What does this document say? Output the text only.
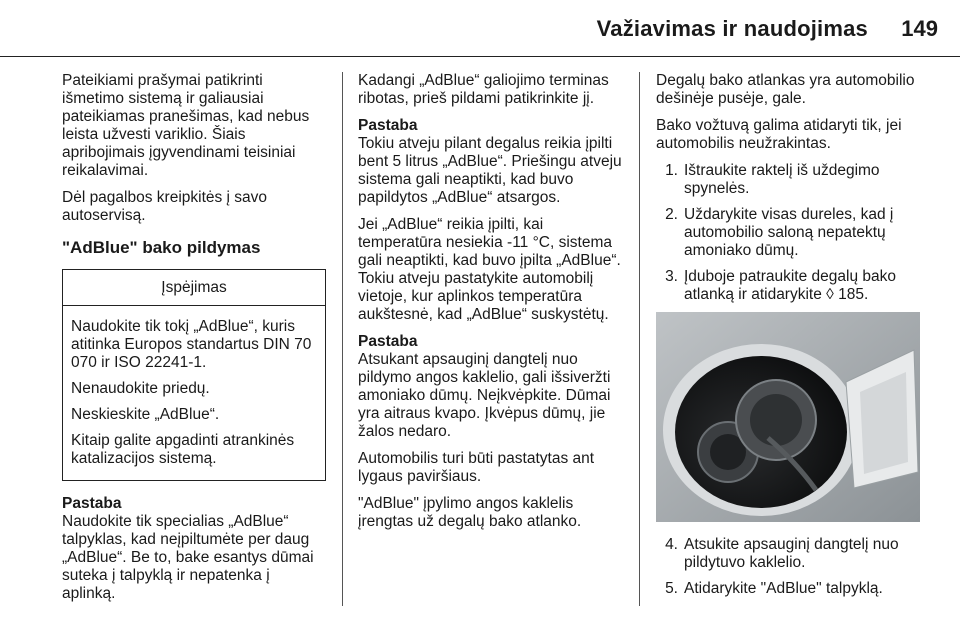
Važiavimas ir naudojimas 149

Pateikiami prašymai patikrinti išmetimo sistemą ir galiausiai pateikiamas pranešimas, kad nebus leista užvesti variklio. Šiais apribojimais įgyvendinami teisiniai reikalavimai.

Dėl pagalbos kreipkitės į savo autoservisą.

"AdBlue" bako pildymas
Įspėjimas

Naudokite tik tokį „AdBlue“, kuris atitinka Europos standartus DIN 70 070 ir ISO 22241-1.

Nenaudokite priedų.

Neskieskite „AdBlue“.

Kitaip galite apgadinti atrankinės katalizacijos sistemą.

Pastaba

Naudokite tik specialias „AdBlue“ talpyklas, kad neįpiltumėte per daug „AdBlue“. Be to, bake esantys dūmai suteka į talpyklą ir nepatenka į aplinką.

Kadangi „AdBlue“ galiojimo terminas ribotas, prieš pildami patikrinkite jį.

Pastaba

Tokiu atveju pilant degalus reikia įpilti bent 5 litrus „AdBlue“. Priešingu atveju sistema gali neaptikti, kad buvo papildytos „AdBlue“ atsargos.

Jei „AdBlue“ reikia įpilti, kai temperatūra nesiekia -11 °C, sistema gali neaptikti, kad buvo įpilta „AdBlue“. Tokiu atveju pastatykite automobilį vietoje, kur aplinkos temperatūra aukštesnė, kad „AdBlue“ suskystėtų.

Pastaba

Atsukant apsauginį dangtelį nuo pildymo angos kaklelio, gali išsiveržti amoniako dūmų. Neįkvėpkite. Dūmai yra aitraus kvapo. Įkvėpus dūmų, jie žalos nedaro.

Automobilis turi būti pastatytas ant lygaus paviršiaus.

"AdBlue" įpylimo angos kaklelis įrengtas už degalų bako atlanko.

Degalų bako atlankas yra automobilio dešinėje pusėje, gale.

Bako vožtuvą galima atidaryti tik, jei automobilis neužrakintas.

1. Ištraukite raktelį iš uždegimo spynelės.
2. Uždarykite visas dureles, kad į automobilio saloną nepatektų amoniako dūmų.
3. Įduboje patraukite degalų bako atlanką ir atidarykite ◊ 185.
4. Atsukite apsauginį dangtelį nuo pildytuvo kaklelio.
5. Atidarykite "AdBlue" talpyklą.
